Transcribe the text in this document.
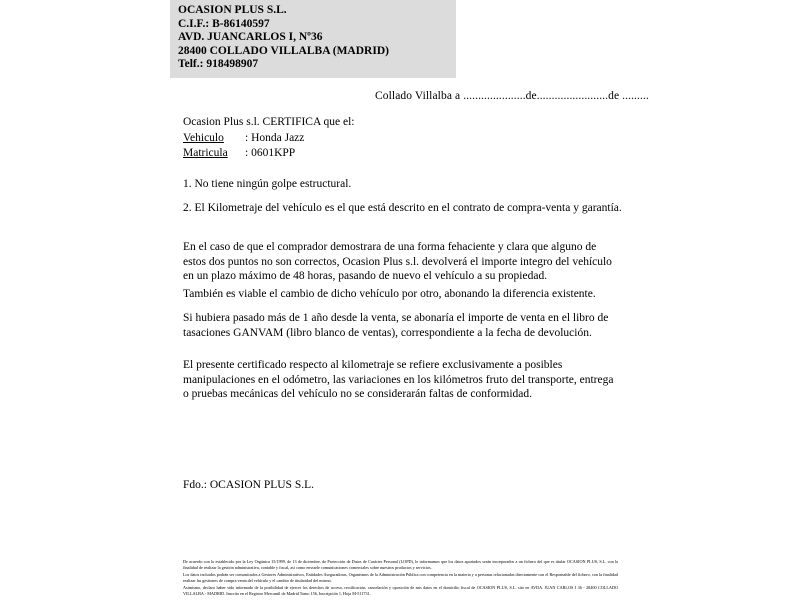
OCASION PLUS S.L.
C.I.F.: B-86140597
AVD. JUANCARLOS I, Nº36
28400 COLLADO VILLALBA (MADRID)
Telf.: 918498907
Collado Villalba a .....................de........................de .........
Ocasion Plus s.l. CERTIFICA que el:
Vehiculo : Honda Jazz
Matricula : 0601KPP
1. No tiene ningún golpe estructural.
2. El Kilometraje del vehículo es el que está descrito en el contrato de compra-venta y garantía.
En el caso de que el comprador demostrara de una forma fehaciente y clara que alguno de estos dos puntos no son correctos, Ocasion Plus s.l. devolverá el importe integro del vehículo en un plazo máximo de 48 horas, pasando de nuevo el vehículo a su propiedad.
También es viable el cambio de dicho vehículo por otro, abonando la diferencia existente.
Si hubiera pasado más de 1 año desde la venta, se abonaría el importe de venta en el libro de tasaciones GANVAM (libro blanco de ventas), correspondiente a la fecha de devolución.
El presente certificado respecto al kilometraje se refiere exclusivamente a posibles manipulaciones en el odómetro, las variaciones en los kilómetros fruto del transporte, entrega o pruebas mecánicas del vehículo no se considerarán faltas de conformidad.
Fdo.: OCASION PLUS S.L.

De acuerdo con lo establecido por la Ley Orgánica 15/1999, de 13 de diciembre, de Protección de Datos de Carácter Personal (LOPD), le informamos que los datos aportados serán incorporados a un fichero del que es titular OCASION PLUS, S.L. con la finalidad de realizar la gestión administrativa, contable y fiscal, así como enviarle comunicaciones comerciales sobre nuestros productos y servicios.

Los datos incluidos podrán ser comunicados a Gestores Administrativos, Entidades Aseguradoras, Organismos de la Administración Pública con competencia en la materia y a personas relacionadas directamente con el Responsable del fichero, con la finalidad realizar las gestiones de compra venta del vehículo y el cambio de titularidad del mismo.

Asimismo, declaro haber sido informado de la posibilidad de ejercer los derechos de acceso, rectificación, cancelación y oposición de mis datos en el domicilio fiscal de OCASION PLUS, S.L. sito en AVDA. JUAN CARLOS I 36 - 28400 COLLADO VILLALBA - MADRID. Inscrita en el Registro Mercantil de Madrid Tomo 156, Inscripción 1, Hoja M-511731.
